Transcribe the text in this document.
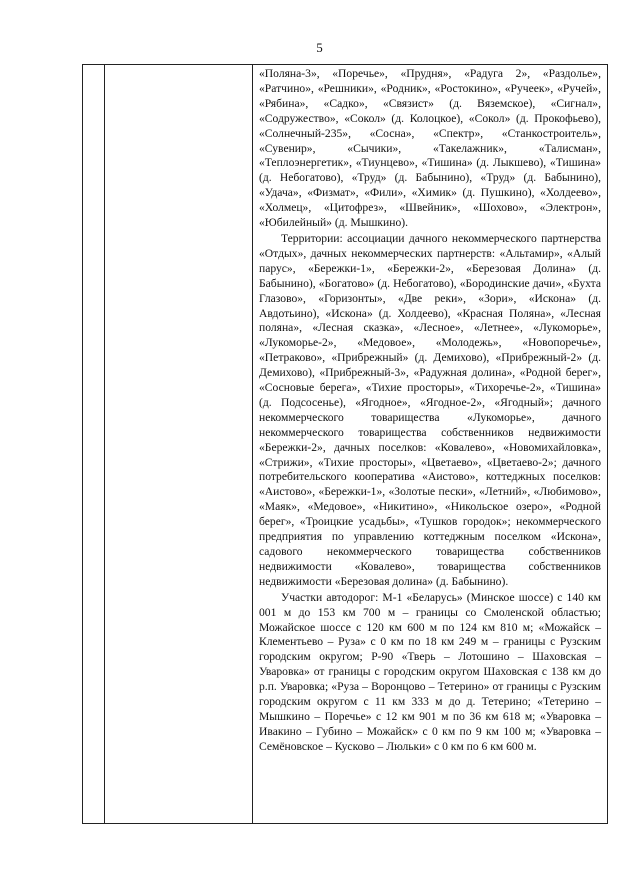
5

«Поляна-3», «Поречье», «Прудня», «Радуга 2», «Раздолье», «Ратчино», «Решники», «Родник», «Ростокино», «Ручеек», «Ручей», «Рябина», «Садко», «Связист» (д. Вяземское), «Сигнал», «Содружество», «Сокол» (д. Колоцкое), «Сокол» (д. Прокофьево), «Солнечный-235», «Сосна», «Спектр», «Станкостроитель», «Сувенир», «Сычики», «Такелажник», «Талисман», «Теплоэнергетик», «Тиунцево», «Тишина» (д. Лыкшево), «Тишина» (д. Небогатово), «Труд» (д. Бабынино), «Труд» (д. Бабынино), «Удача», «Физмат», «Фили», «Химик» (д. Пушкино), «Холдеево», «Холмец», «Цитофрез», «Швейник», «Шохово», «Электрон», «Юбилейный» (д. Мышкино).

Территории: ассоциации дачного некоммерческого партнерства «Отдых», дачных некоммерческих партнерств: «Альтамир», «Алый парус», «Бережки-1», «Бережки-2», «Березовая Долина» (д. Бабынино), «Богатово» (д. Небогатово), «Бородинские дачи», «Бухта Глазово», «Горизонты», «Две реки», «Зори», «Искона» (д. Авдотьино), «Искона» (д. Холдеево), «Красная Поляна», «Лесная поляна», «Лесная сказка», «Лесное», «Летнее», «Лукоморье», «Лукоморье-2», «Медовое», «Молодежь», «Новопоречье», «Петраково», «Прибрежный» (д. Демихово), «Прибрежный-2» (д. Демихово), «Прибрежный-3», «Радужная долина», «Родной берег», «Сосновые берега», «Тихие просторы», «Тихоречье-2», «Тишина» (д. Подсосенье), «Ягодное», «Ягодное-2», «Ягодный»; дачного некоммерческого товарищества «Лукоморье», дачного некоммерческого товарищества собственников недвижимости «Бережки-2», дачных поселков: «Ковалево», «Новомихайловка», «Стрижи», «Тихие просторы», «Цветаево», «Цветаево-2»; дачного потребительского кооператива «Аистово», коттеджных поселков: «Аистово», «Бережки-1», «Золотые пески», «Летний», «Любимово», «Маяк», «Медовое», «Никитино», «Никольское озеро», «Родной берег», «Троицкие усадьбы», «Тушков городок»; некоммерческого предприятия по управлению коттеджным поселком «Искона», садового некоммерческого товарищества собственников недвижимости «Ковалево», товарищества собственников недвижимости «Березовая долина» (д. Бабынино).

Участки автодорог: М-1 «Беларусь» (Минское шоссе) с 140 км 001 м до 153 км 700 м – границы со Смоленской областью; Можайское шоссе с 120 км 600 м по 124 км 810 м; «Можайск – Клементьево – Руза» с 0 км по 18 км 249 м – границы с Рузским городским округом; Р-90 «Тверь – Лотошино – Шаховская – Уваровка» от границы с городским округом Шаховская с 138 км до р.п. Уваровка; «Руза – Воронцово – Тетерино» от границы с Рузским городским округом с 11 км 333 м до д. Тетерино; «Тетерино – Мышкино – Поречье» с 12 км 901 м по 36 км 618 м; «Уваровка – Ивакино – Губино – Можайск» с 0 км по 9 км 100 м; «Уваровка – Семёновское – Кусково – Люльки» с 0 км по 6 км 600 м.
